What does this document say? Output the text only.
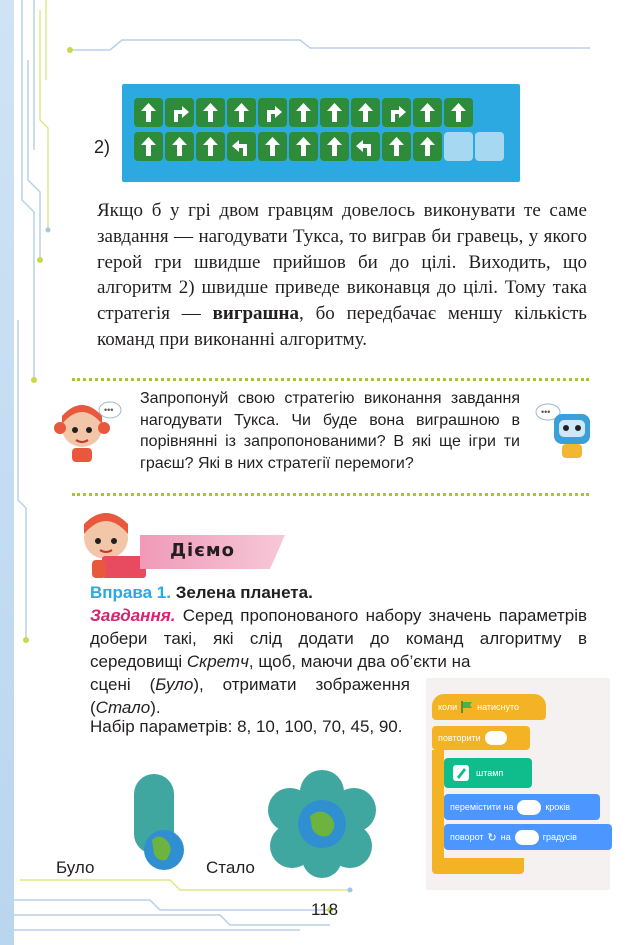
2)

Якщо б у грі двом гравцям довелось виконувати те саме завдання — нагодувати Тукса, то виграв би гравець, у якого герой гри швидше прийшов би до цілі. Виходить, що алгоритм 2) швидше приведе виконавця до цілі. Тому така стратегія — виграшна, бо передбачає меншу кількість команд при виконанні алгоритму.

•••
Запропонуй свою стратегію виконання завдання нагодувати Тукса. Чи буде вона виграшною в порівнянні із запропонованими? В які ще ігри ти граєш? Які в них стратегії перемоги?
•••
Діємо
Вправа 1. Зелена планета.
Завдання. Серед пропонованого набору значень параметрів добери такі, які слід додати до команд алгоритму в середовищі Скретч, щоб, маючи два об’єкти на
сцені (Було), отримати зображення (Стало).
Набір параметрів: 8, 10, 100, 70, 45, 90.
коли натиснуто
повторити
штамп
перемістити на	кроків
поворот ↻ на	градусів
Було	Стало
118
